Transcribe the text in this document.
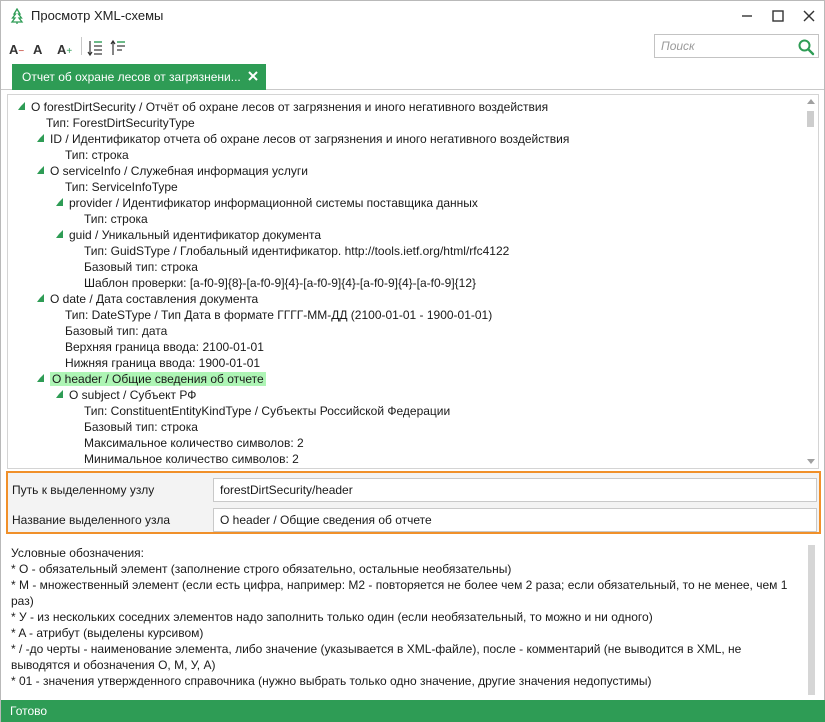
Просмотр XML-схемы
A − A A +
Поиск
Отчет об охране лесов от загрязнени...
O forestDirtSecurity / Отчёт об охране лесов от загрязнения и иного негативного воздействия
Тип: ForestDirtSecurityType
ID / Идентификатор отчета об охране лесов от загрязнения и иного негативного воздействия
Тип: строка
O serviceInfo / Служебная информация услуги
Тип: ServiceInfoType
provider / Идентификатор информационной системы поставщика данных
Тип: строка
guid / Уникальный идентификатор документа
Тип: GuidSType / Глобальный идентификатор. http://tools.ietf.org/html/rfc4122
Базовый тип: строка
Шаблон проверки: [a-f0-9]{8}-[a-f0-9]{4}-[a-f0-9]{4}-[a-f0-9]{4}-[a-f0-9]{12}
O date / Дата составления документа
Тип: DateSType / Тип Дата в формате ГГГГ-ММ-ДД (2100-01-01 - 1900-01-01)
Базовый тип: дата
Верхняя граница ввода: 2100-01-01
Нижняя граница ввода: 1900-01-01
O header / Общие сведения об отчете
O subject / Субъект РФ
Тип: ConstituentEntityKindType / Субъекты Российской Федерации
Базовый тип: строка
Максимальное количество символов: 2
Минимальное количество символов: 2
Путь к выделенному узлу	forestDirtSecurity/header
Название выделенного узла	O header / Общие сведения об отчете
Условные обозначения:
* O - обязательный элемент (заполнение строго обязательно, остальные необязательны)
* M - множественный элемент (если есть цифра, например: M2 - повторяется не более чем 2 раза; если обязательный, то не менее, чем 1 раз)
* У - из нескольких соседних элементов надо заполнить только один (если необязательный, то можно и ни одного)
* A - атрибут (выделены курсивом)
* / -до черты - наименование элемента, либо значение (указывается в XML-файле), после - комментарий (не выводится в XML, не выводятся и обозначения O, M, У, A)
* 01 - значения утвержденного справочника (нужно выбрать только одно значение, другие значения недопустимы)
Готово
